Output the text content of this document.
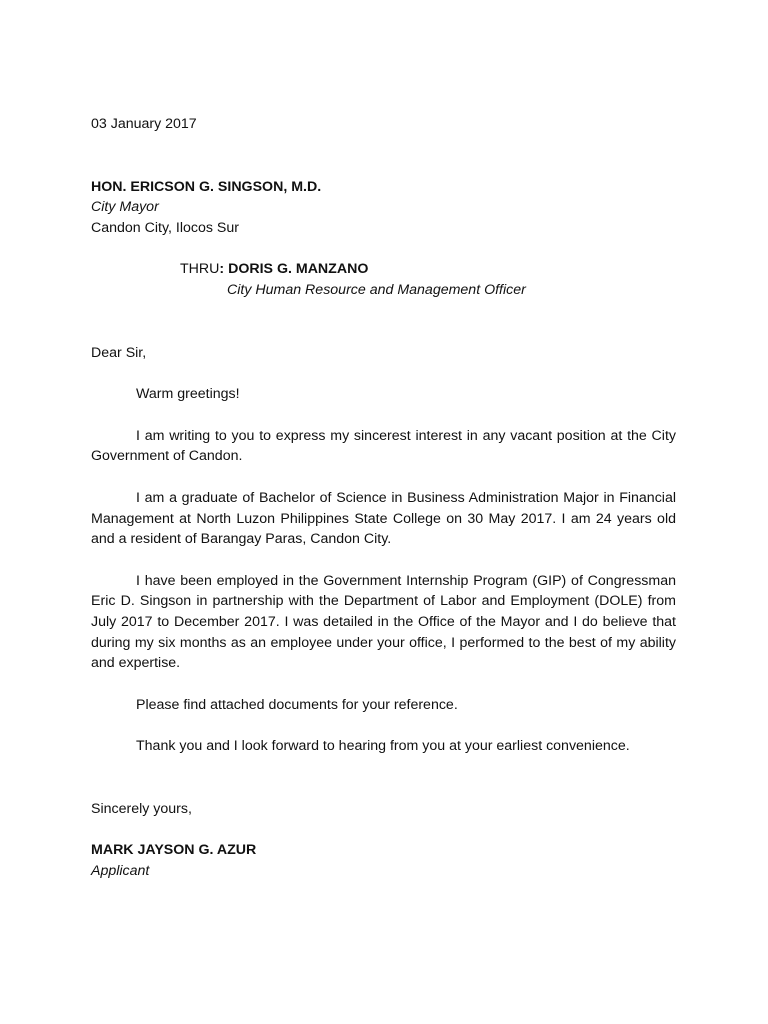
03 January 2017

HON. ERICSON G. SINGSON, M.D.

City Mayor

Candon City, Ilocos Sur

THRU: DORIS G. MANZANO

City Human Resource and Management Officer

Dear Sir,

Warm greetings!

I am writing to you to express my sincerest interest in any vacant position at the City Government of Candon.

I am a graduate of Bachelor of Science in Business Administration Major in Financial Management at North Luzon Philippines State College on 30 May 2017. I am 24 years old and a resident of Barangay Paras, Candon City.

I have been employed in the Government Internship Program (GIP) of Congressman Eric D. Singson in partnership with the Department of Labor and Employment (DOLE) from July 2017 to December 2017. I was detailed in the Office of the Mayor and I do believe that during my six months as an employee under your office, I performed to the best of my ability and expertise.

Please find attached documents for your reference.

Thank you and I look forward to hearing from you at your earliest convenience.

Sincerely yours,

MARK JAYSON G. AZUR

Applicant
